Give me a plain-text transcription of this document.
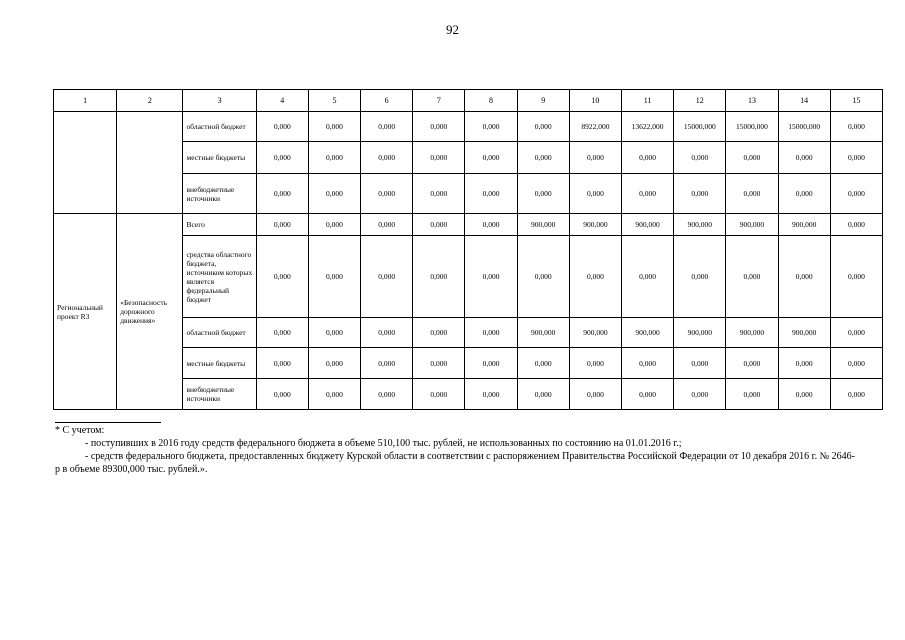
92
1	2	3	4	5	6	7	8	9	10	11	12	13	14	15
		областной бюджет	0,000	0,000	0,000	0,000	0,000	0,000	8922,000	13622,000	15000,000	15000,000	15000,000	0,000
		местные бюджеты	0,000	0,000	0,000	0,000	0,000	0,000	0,000	0,000	0,000	0,000	0,000	0,000
		внебюджетные источники	0,000	0,000	0,000	0,000	0,000	0,000	0,000	0,000	0,000	0,000	0,000	0,000
Региональный проект R3	«Безопасность дорожного движения»	Всего	0,000	0,000	0,000	0,000	0,000	900,000	900,000	900,000	900,000	900,000	900,000	0,000
		средства областного бюджета, источником которых является федеральный бюджет	0,000	0,000	0,000	0,000	0,000	0,000	0,000	0,000	0,000	0,000	0,000	0,000
		областной бюджет	0,000	0,000	0,000	0,000	0,000	900,000	900,000	900,000	900,000	900,000	900,000	0,000
		местные бюджеты	0,000	0,000	0,000	0,000	0,000	0,000	0,000	0,000	0,000	0,000	0,000	0,000
		внебюджетные источники	0,000	0,000	0,000	0,000	0,000	0,000	0,000	0,000	0,000	0,000	0,000	0,000
* С учетом:
- поступивших в 2016 году средств федерального бюджета в объеме 510,100 тыс. рублей, не использованных по состоянию на 01.01.2016 г.;
- средств федерального бюджета, предоставленных бюджету Курской области в соответствии с распоряжением Правительства Российской Федерации от 10 декабря 2016 г. № 2646-р в объеме 89300,000 тыс. рублей.».
